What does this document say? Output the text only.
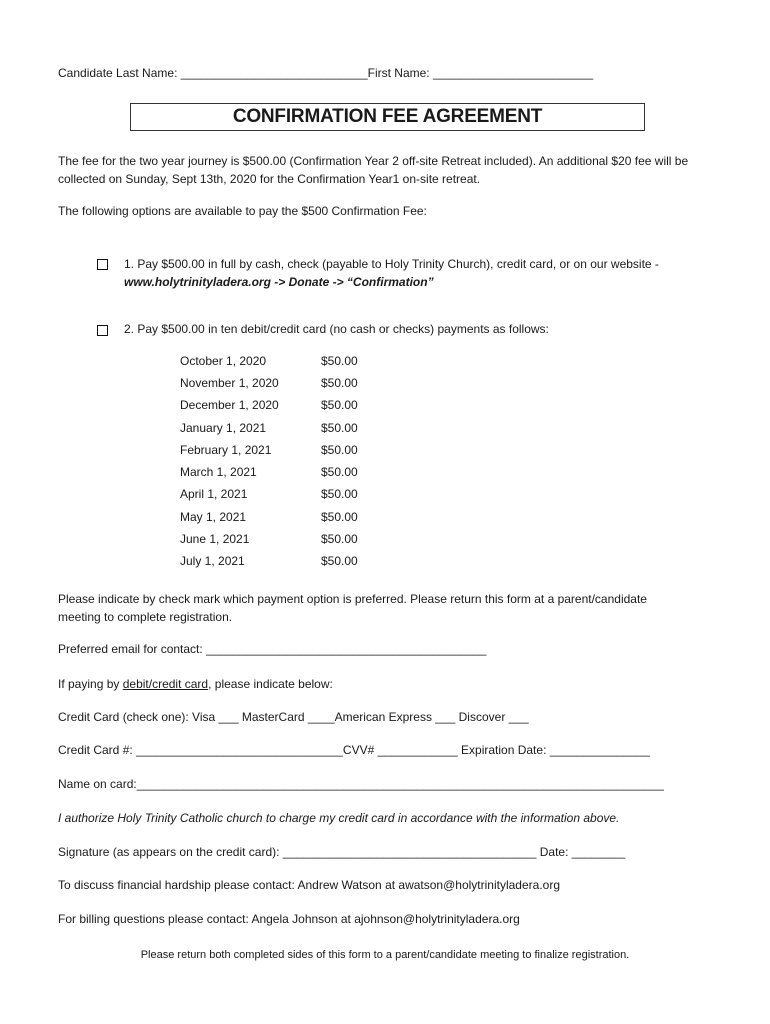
Candidate Last Name: ____________________________First Name: ________________________
CONFIRMATION FEE AGREEMENT
The fee for the two year journey is $500.00 (Confirmation Year 2 off-site Retreat included). An additional $20 fee will be collected on Sunday, Sept 13th, 2020 for the Confirmation Year1 on-site retreat.
The following options are available to pay the $500 Confirmation Fee:
1. Pay $500.00 in full by cash, check (payable to Holy Trinity Church), credit card, or on our website -
www.holytrinityladera.org -> Donate -> “Confirmation”
2. Pay $500.00 in ten debit/credit card (no cash or checks) payments as follows:
October 1, 2020	$50.00
November 1, 2020	$50.00
December 1, 2020	$50.00
January 1, 2021	$50.00
February 1, 2021	$50.00
March 1, 2021	$50.00
April 1, 2021	$50.00
May 1, 2021	$50.00
June 1, 2021	$50.00
July 1, 2021	$50.00
Please indicate by check mark which payment option is preferred. Please return this form at a parent/candidate meeting to complete registration.
Preferred email for contact: __________________________________________
If paying by debit/credit card, please indicate below:
Credit Card (check one): Visa ___ MasterCard ____American Express ___ Discover ___
Credit Card #: _______________________________CVV# ____________ Expiration Date: _______________
Name on card:_______________________________________________________________________________
I authorize Holy Trinity Catholic church to charge my credit card in accordance with the information above.
Signature (as appears on the credit card): ______________________________________ Date: ________
To discuss financial hardship please contact: Andrew Watson at awatson@holytrinityladera.org
For billing questions please contact: Angela Johnson at ajohnson@holytrinityladera.org
Please return both completed sides of this form to a parent/candidate meeting to finalize registration.
